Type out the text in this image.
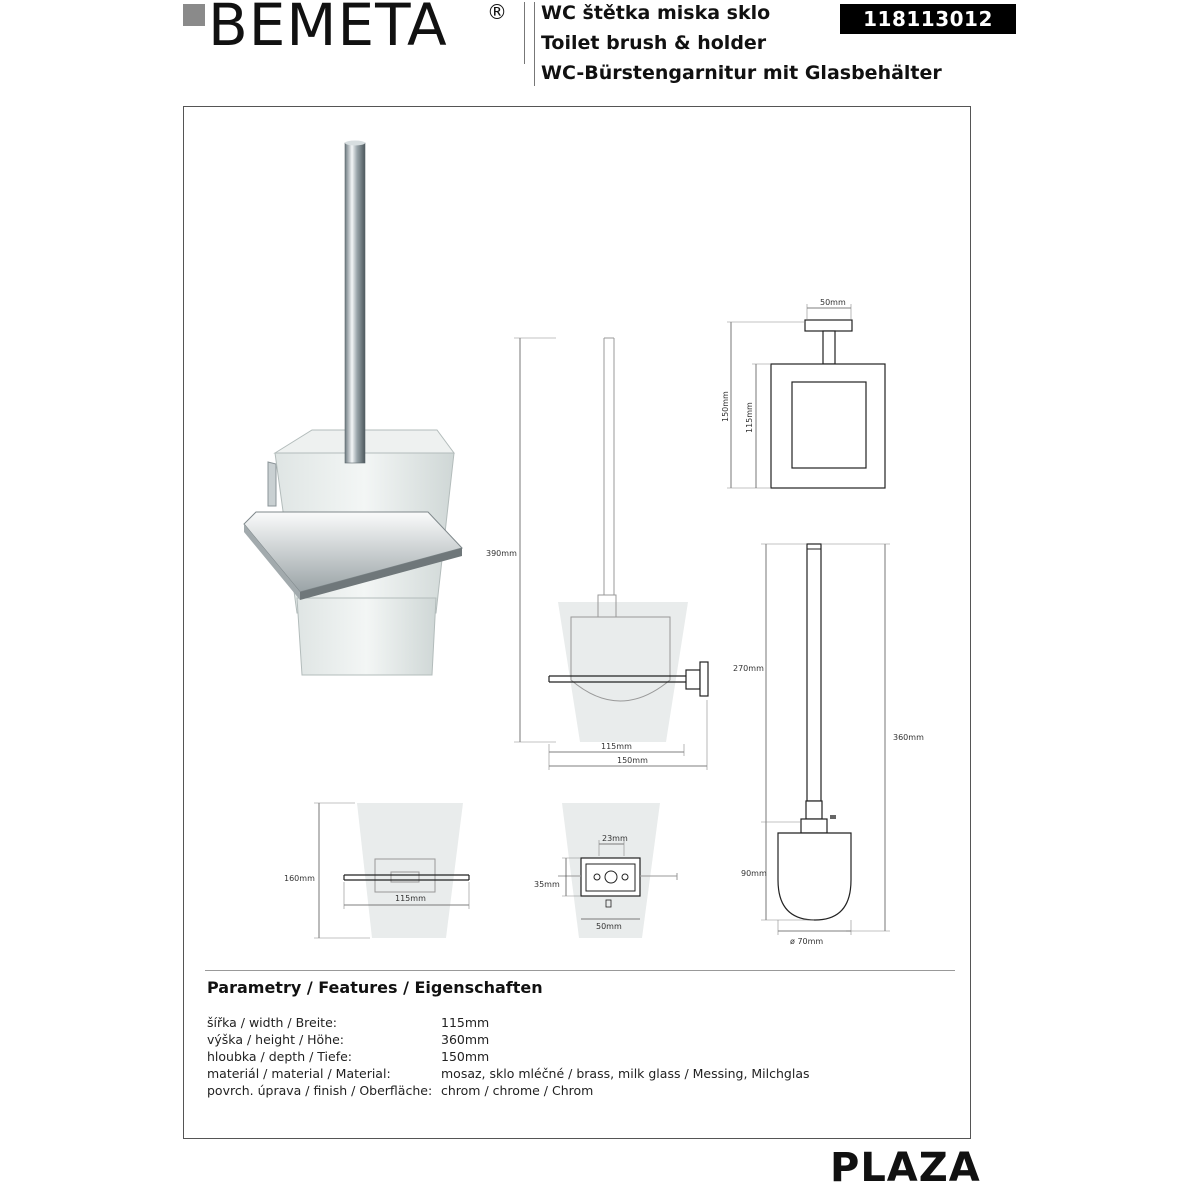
BEMETA ® WC štětka miska sklo
Toilet brush & holder
WC-Bürstengarnitur mit Glasbehälter
118113012
390mm
115mm
150mm
50mm
150mm 115mm
270mm
360mm
90mm
ø 70mm
160mm
115mm
23mm
35mm
50mm
Parametry / Features / Eigenschaften
šířka / width / Breite:	115mm
výška / height / Höhe:	360mm
hloubka / depth / Tiefe:	150mm
materiál / material / Material:	mosaz, sklo mléčné / brass, milk glass / Messing, Milchglas
povrch. úprava / finish / Oberfläche: chrom / chrome / Chrom
PLAZA
